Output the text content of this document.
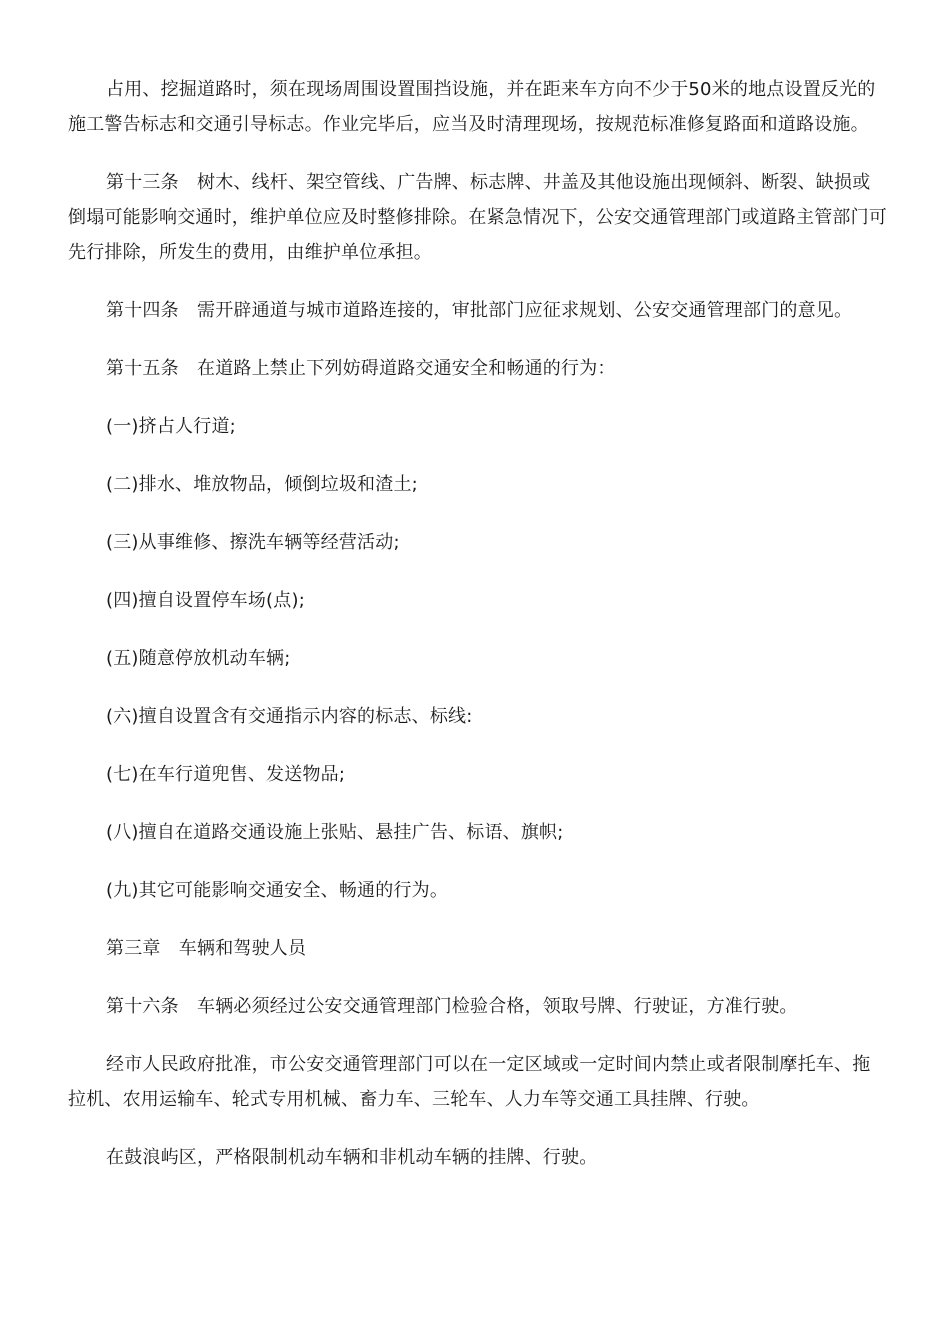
占用、挖掘道路时，须在现场周围设置围挡设施，并在距来车方向不少于50米的地点设置反光的施工警告标志和交通引导标志。作业完毕后，应当及时清理现场，按规范标准修复路面和道路设施。

第十三条　树木、线杆、架空管线、广告牌、标志牌、井盖及其他设施出现倾斜、断裂、缺损或倒塌可能影响交通时，维护单位应及时整修排除。在紧急情况下，公安交通管理部门或道路主管部门可先行排除，所发生的费用，由维护单位承担。

第十四条　需开辟通道与城市道路连接的，审批部门应征求规划、公安交通管理部门的意见。

第十五条　在道路上禁止下列妨碍道路交通安全和畅通的行为：

(一)挤占人行道;

(二)排水、堆放物品，倾倒垃圾和渣土;

(三)从事维修、擦洗车辆等经营活动;

(四)擅自设置停车场(点);

(五)随意停放机动车辆;

(六)擅自设置含有交通指示内容的标志、标线:

(七)在车行道兜售、发送物品;

(八)擅自在道路交通设施上张贴、悬挂广告、标语、旗帜;

(九)其它可能影响交通安全、畅通的行为。

第三章　车辆和驾驶人员

第十六条　车辆必须经过公安交通管理部门检验合格，领取号牌、行驶证，方准行驶。

经市人民政府批准，市公安交通管理部门可以在一定区域或一定时间内禁止或者限制摩托车、拖拉机、农用运输车、轮式专用机械、畜力车、三轮车、人力车等交通工具挂牌、行驶。

在鼓浪屿区，严格限制机动车辆和非机动车辆的挂牌、行驶。
